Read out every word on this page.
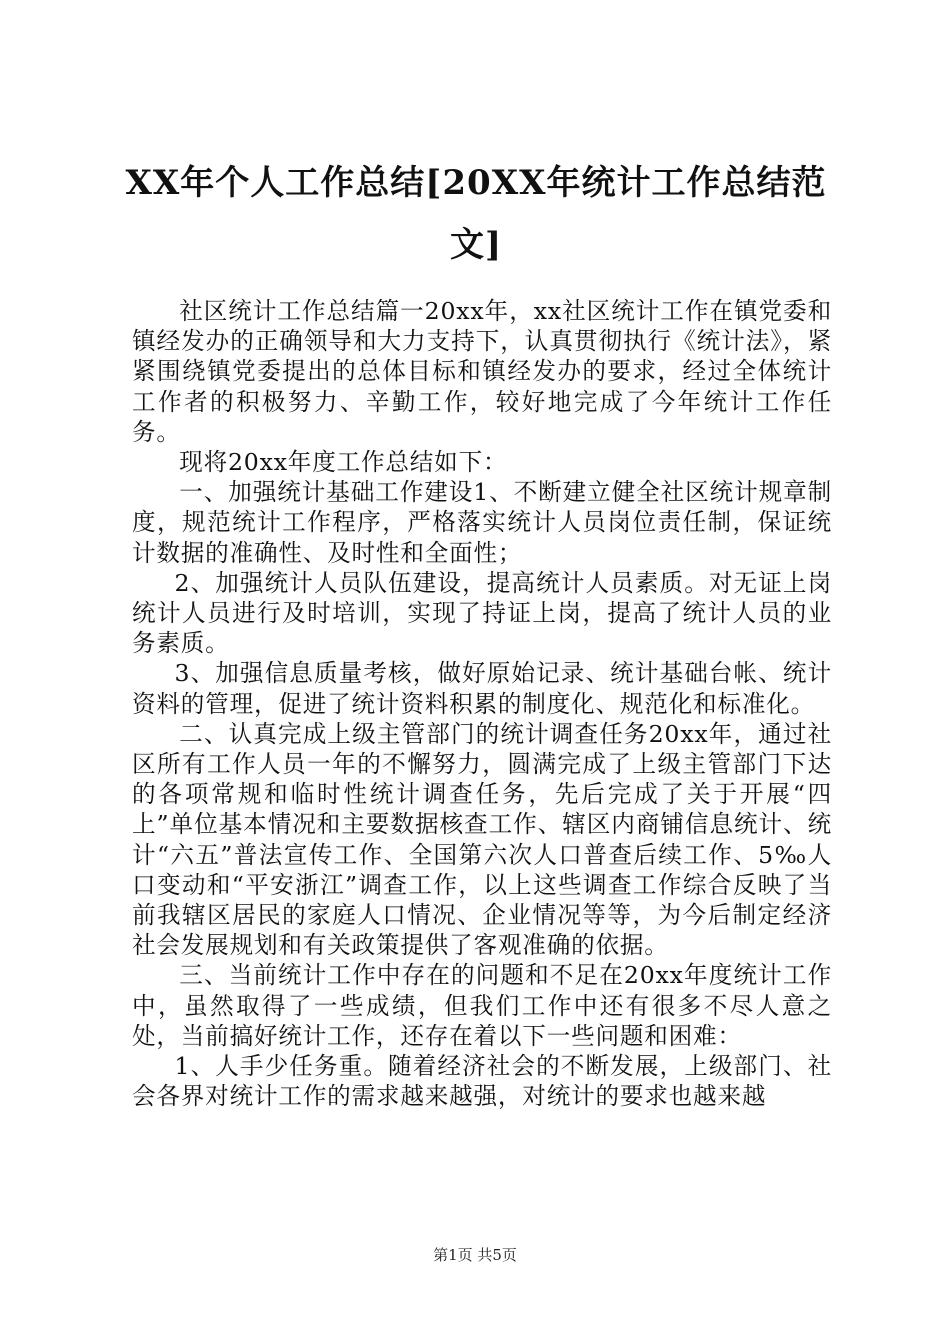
XX年个人工作总结[20XX年统计工作总结范文]

社区统计工作总结篇一20xx年，xx社区统计工作在镇党委和镇经发办的正确领导和大力支持下，认真贯彻执行《统计法》，紧紧围绕镇党委提出的总体目标和镇经发办的要求，经过全体统计工作者的积极努力、辛勤工作，较好地完成了今年统计工作任务。

现将20xx年度工作总结如下：

一、加强统计基础工作建设1、不断建立健全社区统计规章制度，规范统计工作程序，严格落实统计人员岗位责任制，保证统计数据的准确性、及时性和全面性；

2、加强统计人员队伍建设，提高统计人员素质。对无证上岗统计人员进行及时培训，实现了持证上岗，提高了统计人员的业务素质。

3、加强信息质量考核，做好原始记录、统计基础台帐、统计资料的管理，促进了统计资料积累的制度化、规范化和标准化。

二、认真完成上级主管部门的统计调查任务20xx年，通过社区所有工作人员一年的不懈努力，圆满完成了上级主管部门下达的各项常规和临时性统计调查任务，先后完成了关于开展“四上”单位基本情况和主要数据核查工作、辖区内商铺信息统计、统计“六五”普法宣传工作、全国第六次人口普查后续工作、5‰人口变动和“平安浙江”调查工作，以上这些调查工作综合反映了当前我辖区居民的家庭人口情况、企业情况等等，为今后制定经济社会发展规划和有关政策提供了客观准确的依据。

三、当前统计工作中存在的问题和不足在20xx年度统计工作中，虽然取得了一些成绩，但我们工作中还有很多不尽人意之处，当前搞好统计工作，还存在着以下一些问题和困难：

1、人手少任务重。随着经济社会的不断发展，上级部门、社会各界对统计工作的需求越来越强，对统计的要求也越来越

第1页 共5页
